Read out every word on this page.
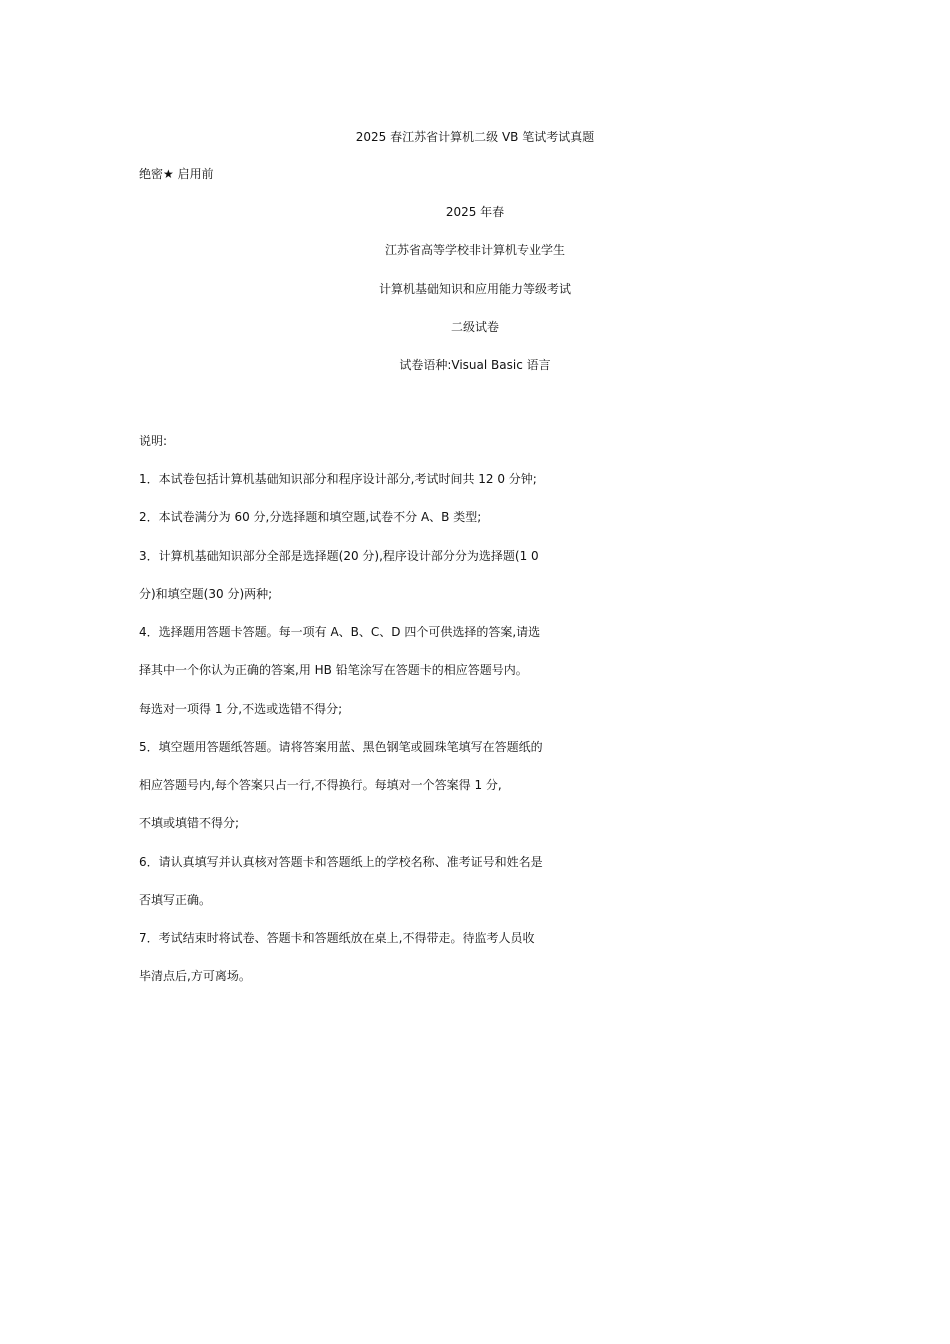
2025 春江苏省计算机二级 VB 笔试考试真题
绝密★ 启用前
2025 年春
江苏省高等学校非计算机专业学生
计算机基础知识和应用能力等级考试
二级试卷
试卷语种:Visual Basic 语言
说明:
1．本试卷包括计算机基础知识部分和程序设计部分,考试时间共 12 0 分钟;
2．本试卷满分为 60 分,分选择题和填空题,试卷不分 A、B 类型;
3．计算机基础知识部分全部是选择题(20 分),程序设计部分分为选择题(1 0
分)和填空题(30 分)两种;
4．选择题用答题卡答题。每一项有 A、B、C、D 四个可供选择的答案,请选
择其中一个你认为正确的答案,用 HB 铅笔涂写在答题卡的相应答题号内。
每选对一项得 1 分,不选或选错不得分;
5．填空题用答题纸答题。请将答案用蓝、黑色钢笔或圆珠笔填写在答题纸的
相应答题号内,每个答案只占一行,不得换行。每填对一个答案得 1 分,
不填或填错不得分;
6．请认真填写并认真核对答题卡和答题纸上的学校名称、准考证号和姓名是
否填写正确。
7．考试结束时将试卷、答题卡和答题纸放在桌上,不得带走。待监考人员收
毕清点后,方可离场。
